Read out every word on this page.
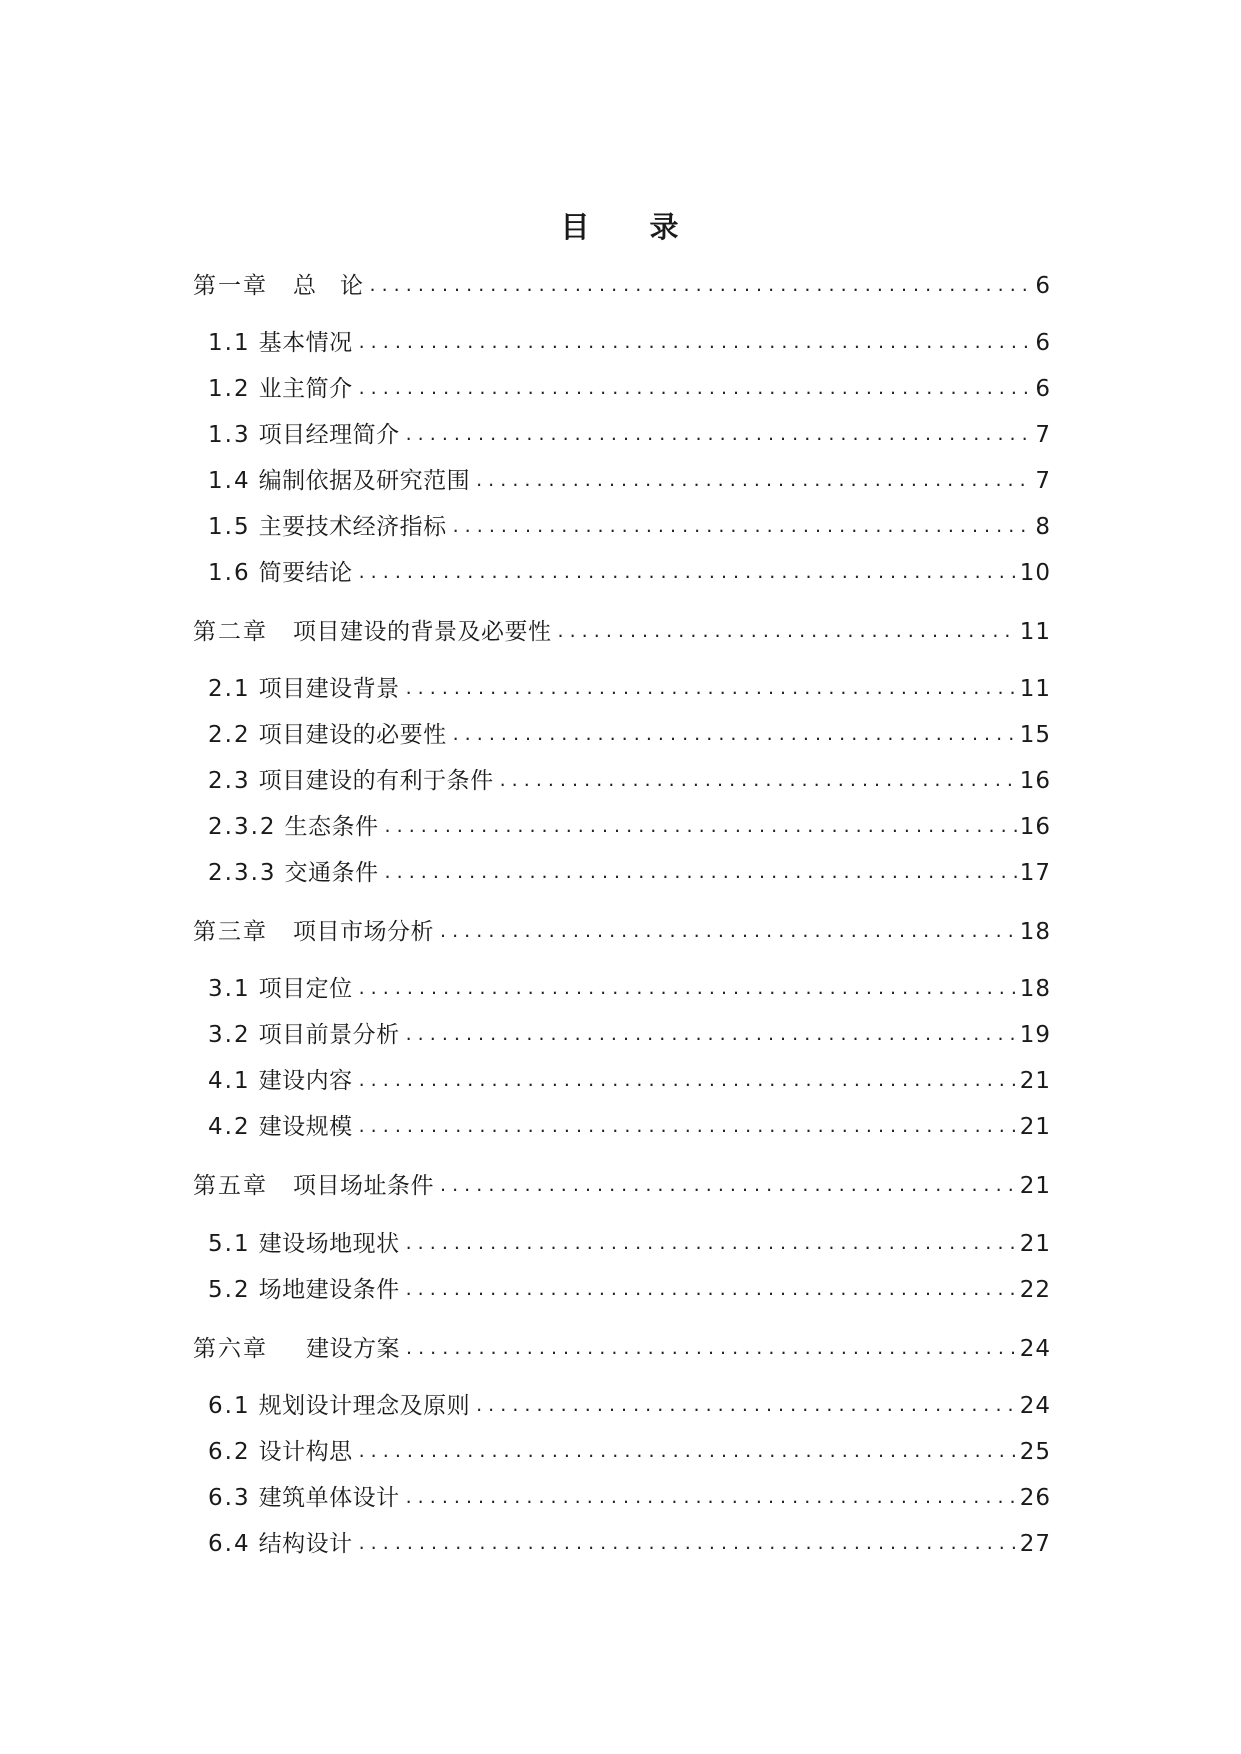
目 录
第一章 总　论 . . .	6
1.1 基本情况 . . .	6
1.2 业主简介 . . .	6
1.3 项目经理简介 . . .	7
1.4 编制依据及研究范围 . . .	7
1.5 主要技术经济指标 . . .	8
1.6 简要结论 . . .	10
第二章 项目建设的背景及必要性 . . .	11
2.1 项目建设背景 . . .	11
2.2 项目建设的必要性 . . .	15
2.3 项目建设的有利于条件 . . .	16
2.3.2 生态条件 . . .	16
2.3.3 交通条件 . . .	17
第三章 项目市场分析 . . .	18
3.1 项目定位 . . .	18
3.2 项目前景分析 . . .	19
4.1 建设内容 . . .	21
4.2 建设规模 . . .	21
第五章 项目场址条件 . . .	21
5.1 建设场地现状 . . .	21
5.2 场地建设条件 . . .	22
第六章 建设方案 . . .	24
6.1 规划设计理念及原则 . . .	24
6.2 设计构思 . . .	25
6.3 建筑单体设计 . . .	26
6.4 结构设计 . . .	27
